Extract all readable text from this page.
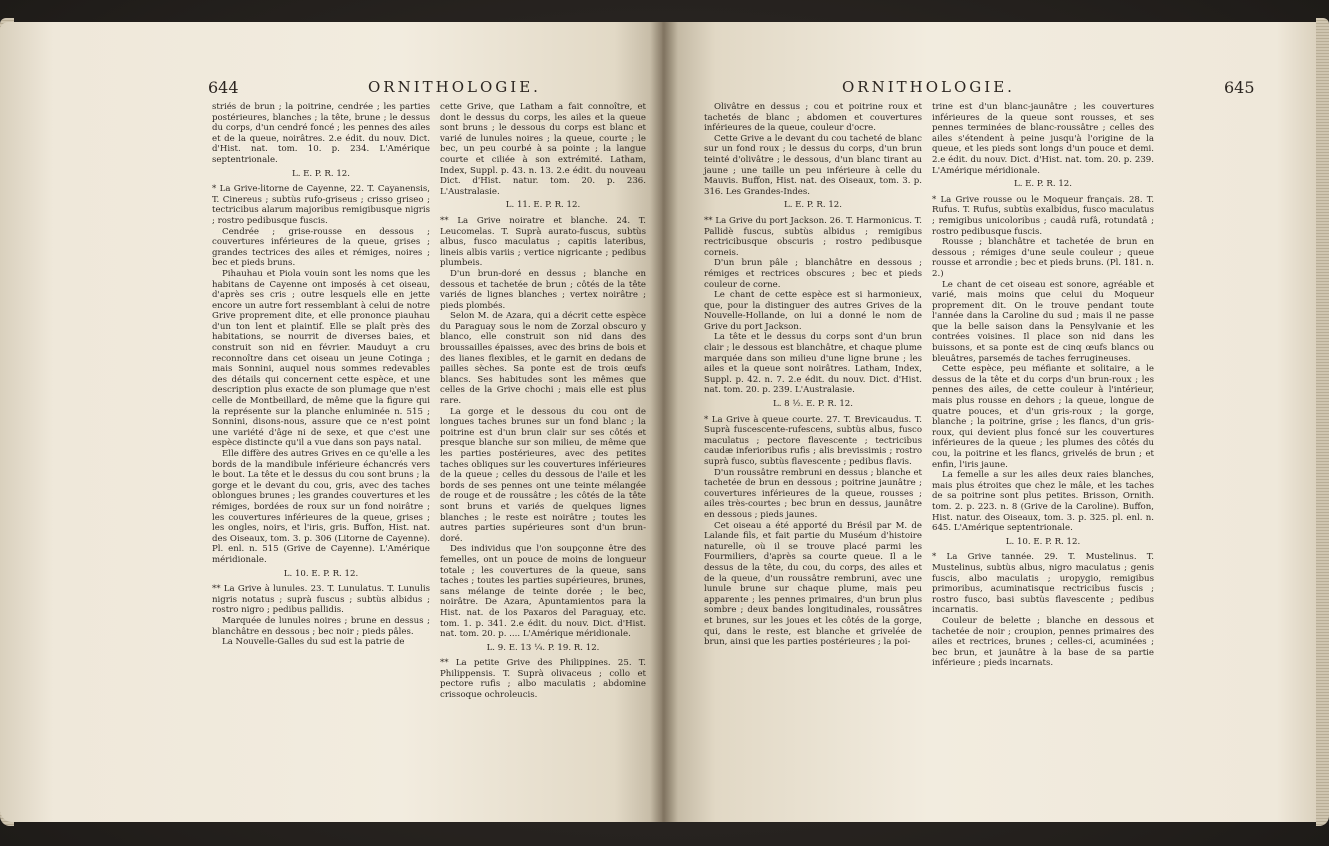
644	ORNITHOLOGIE.

striés de brun ; la poitrine, cendrée ; les parties postérieures, blanches ; la tête, brune ; le dessus du corps, d'un cendré foncé ; les pennes des ailes et de la queue, noirâtres. 2.e édit. du nouv. Dict. d'Hist. nat. tom. 10. p. 234. L'Amérique septentrionale.

L. E. P. R. 12.

* La Grive-litorne de Cayenne, 22. T. Cayanensis, T. Cinereus ; subtùs rufo-griseus ; crisso griseo ; tectricibus alarum majoribus remigibusque nigris ; rostro pedibusque fuscis.

Cendrée ; grise-rousse en dessous ; couvertures inférieures de la queue, grises ; grandes tectrices des ailes et rémiges, noires ; bec et pieds bruns.

Pihauhau et Piola vouin sont les noms que les habitans de Cayenne ont imposés à cet oiseau, d'après ses cris ; outre lesquels elle en jette encore un autre fort ressemblant à celui de notre Grive proprement dite, et elle prononce piauhau d'un ton lent et plaintif. Elle se plaît près des habitations, se nourrit de diverses baies, et construit son nid en février. Mauduyt a cru reconnoître dans cet oiseau un jeune Cotinga ; mais Sonnini, auquel nous sommes redevables des détails qui concernent cette espèce, et une description plus exacte de son plumage que n'est celle de Montbeillard, de même que la figure qui la représente sur la planche enluminée n. 515 ; Sonnini, disons-nous, assure que ce n'est point une variété d'âge ni de sexe, et que c'est une espèce distincte qu'il a vue dans son pays natal.

Elle diffère des autres Grives en ce qu'elle a les bords de la mandibule inférieure échancrés vers le bout. La tête et le dessus du cou sont bruns ; la gorge et le devant du cou, gris, avec des taches oblongues brunes ; les grandes couvertures et les rémiges, bordées de roux sur un fond noirâtre ; les couvertures inférieures de la queue, grises ; les ongles, noirs, et l'iris, gris. Buffon, Hist. nat. des Oiseaux, tom. 3. p. 306 (Litorne de Cayenne). Pl. enl. n. 515 (Grive de Cayenne). L'Amérique méridionale.

L. 10. E. P. R. 12.

** La Grive à lunules. 23. T. Lunulatus. T. Lunulis nigris notatus ; suprà fuscus ; subtùs albidus ; rostro nigro ; pedibus pallidis.

Marquée de lunules noires ; brune en dessus ; blanchâtre en dessous ; bec noir ; pieds pâles.

La Nouvelle-Galles du sud est la patrie de

cette Grive, que Latham a fait connoître, et dont le dessus du corps, les ailes et la queue sont bruns ; le dessous du corps est blanc et varié de lunules noires ; la queue, courte ; le bec, un peu courbé à sa pointe ; la langue courte et ciliée à son extrémité. Latham, Index, Suppl. p. 43. n. 13. 2.e édit. du nouveau Dict. d'Hist. natur. tom. 20. p. 236. L'Australasie.

L. 11. E. P. R. 12.

** La Grive noiratre et blanche. 24. T. Leucomelas. T. Suprà aurato-fuscus, subtùs albus, fusco maculatus ; capitis lateribus, lineis albis variis ; vertice nigricante ; pedibus plumbeis.

D'un brun-doré en dessus ; blanche en dessous et tachetée de brun ; côtés de la tête variés de lignes blanches ; vertex noirâtre ; pieds plombés.

Selon M. de Azara, qui a décrit cette espèce du Paraguay sous le nom de Zorzal obscuro y blanco, elle construit son nid dans des broussailles épaisses, avec des brins de bois et des lianes flexibles, et le garnit en dedans de pailles sèches. Sa ponte est de trois œufs blancs. Ses habitudes sont les mêmes que celles de la Grive chochi ; mais elle est plus rare.

La gorge et le dessous du cou ont de longues taches brunes sur un fond blanc ; la poitrine est d'un brun clair sur ses côtés et presque blanche sur son milieu, de même que les parties postérieures, avec des petites taches obliques sur les couvertures inférieures de la queue ; celles du dessous de l'aile et les bords de ses pennes ont une teinte mélangée de rouge et de roussâtre ; les côtés de la tête sont bruns et variés de quelques lignes blanches ; le reste est noirâtre ; toutes les autres parties supérieures sont d'un brun-doré.

Des individus que l'on soupçonne être des femelles, ont un pouce de moins de longueur totale ; les couvertures de la queue, sans taches ; toutes les parties supérieures, brunes, sans mélange de teinte dorée ; le bec, noirâtre. De Azara, Apuntamientos para la Hist. nat. de los Paxaros del Paraguay, etc. tom. 1. p. 341. 2.e édit. du nouv. Dict. d'Hist. nat. tom. 20. p. .... L'Amérique méridionale.

L. 9. E. 13 ¼. P. 19. R. 12.

** La petite Grive des Philippines. 25. T. Philippensis. T. Suprà olivaceus ; collo et pectore rufis ; albo maculatis ; abdomine crissoque ochroleucis.

ORNITHOLOGIE.	645

Olivâtre en dessus ; cou et poitrine roux et tachetés de blanc ; abdomen et couvertures inférieures de la queue, couleur d'ocre.

Cette Grive a le devant du cou tacheté de blanc sur un fond roux ; le dessus du corps, d'un brun teinté d'olivâtre ; le dessous, d'un blanc tirant au jaune ; une taille un peu inférieure à celle du Mauvis. Buffon, Hist. nat. des Oiseaux, tom. 3. p. 316. Les Grandes-Indes.

L. E. P. R. 12.

** La Grive du port Jackson. 26. T. Harmonicus. T. Pallidè fuscus, subtùs albidus ; remigibus rectricibusque obscuris ; rostro pedibusque corneis.

D'un brun pâle ; blanchâtre en dessous ; rémiges et rectrices obscures ; bec et pieds couleur de corne.

Le chant de cette espèce est si harmonieux, que, pour la distinguer des autres Grives de la Nouvelle-Hollande, on lui a donné le nom de Grive du port Jackson.

La tête et le dessus du corps sont d'un brun clair ; le dessous est blanchâtre, et chaque plume marquée dans son milieu d'une ligne brune ; les ailes et la queue sont noirâtres. Latham, Index, Suppl. p. 42. n. 7. 2.e édit. du nouv. Dict. d'Hist. nat. tom. 20. p. 239. L'Australasie.

L. 8 ½. E. P. R. 12.

* La Grive à queue courte. 27. T. Brevicaudus. T. Suprà fuscescente-rufescens, subtùs albus, fusco maculatus ; pectore flavescente ; tectricibus caudæ inferioribus rufis ; alis brevissimis ; rostro suprà fusco, subtùs flavescente ; pedibus flavis.

D'un roussâtre rembruni en dessus ; blanche et tachetée de brun en dessous ; poitrine jaunâtre ; couvertures inférieures de la queue, rousses ; ailes très-courtes ; bec brun en dessus, jaunâtre en dessous ; pieds jaunes.

Cet oiseau a été apporté du Brésil par M. de Lalande fils, et fait partie du Muséum d'histoire naturelle, où il se trouve placé parmi les Fourmiliers, d'après sa courte queue. Il a le dessus de la tête, du cou, du corps, des ailes et de la queue, d'un roussâtre rembruni, avec une lunule brune sur chaque plume, mais peu apparente ; les pennes primaires, d'un brun plus sombre ; deux bandes longitudinales, roussâtres et brunes, sur les joues et les côtés de la gorge, qui, dans le reste, est blanche et grivelée de brun, ainsi que les parties postérieures ; la poi-

trine est d'un blanc-jaunâtre ; les couvertures inférieures de la queue sont rousses, et ses pennes terminées de blanc-roussâtre ; celles des ailes s'étendent à peine jusqu'à l'origine de la queue, et les pieds sont longs d'un pouce et demi. 2.e édit. du nouv. Dict. d'Hist. nat. tom. 20. p. 239. L'Amérique méridionale.

L. E. P. R. 12.

* La Grive rousse ou le Moqueur français. 28. T. Rufus. T. Rufus, subtùs exalbidus, fusco maculatus ; remigibus unicoloribus ; caudâ rufâ, rotundatâ ; rostro pedibusque fuscis.

Rousse ; blanchâtre et tachetée de brun en dessous ; rémiges d'une seule couleur ; queue rousse et arrondie ; bec et pieds bruns. (Pl. 181. n. 2.)

Le chant de cet oiseau est sonore, agréable et varié, mais moins que celui du Moqueur proprement dit. On le trouve pendant toute l'année dans la Caroline du sud ; mais il ne passe que la belle saison dans la Pensylvanie et les contrées voisines. Il place son nid dans les buissons, et sa ponte est de cinq œufs blancs ou bleuâtres, parsemés de taches ferrugineuses.

Cette espèce, peu méfiante et solitaire, a le dessus de la tête et du corps d'un brun-roux ; les pennes des ailes, de cette couleur à l'intérieur, mais plus rousse en dehors ; la queue, longue de quatre pouces, et d'un gris-roux ; la gorge, blanche ; la poitrine, grise ; les flancs, d'un gris-roux, qui devient plus foncé sur les couvertures inférieures de la queue ; les plumes des côtés du cou, la poitrine et les flancs, grivelés de brun ; et enfin, l'iris jaune.

La femelle a sur les ailes deux raies blanches, mais plus étroites que chez le mâle, et les taches de sa poitrine sont plus petites. Brisson, Ornith. tom. 2. p. 223. n. 8 (Grive de la Caroline). Buffon, Hist. natur. des Oiseaux, tom. 3. p. 325. pl. enl. n. 645. L'Amérique septentrionale.

L. 10. E. P. R. 12.

* La Grive tannée. 29. T. Mustelinus. T. Mustelinus, subtùs albus, nigro maculatus ; genis fuscis, albo maculatis ; uropygio, remigibus primoribus, acuminatisque rectricibus fuscis ; rostro fusco, basi subtùs flavescente ; pedibus incarnatis.

Couleur de belette ; blanche en dessous et tachetée de noir ; croupion, pennes primaires des ailes et rectrices, brunes ; celles-ci, acuminées ; bec brun, et jaunâtre à la base de sa partie inférieure ; pieds incarnats.
